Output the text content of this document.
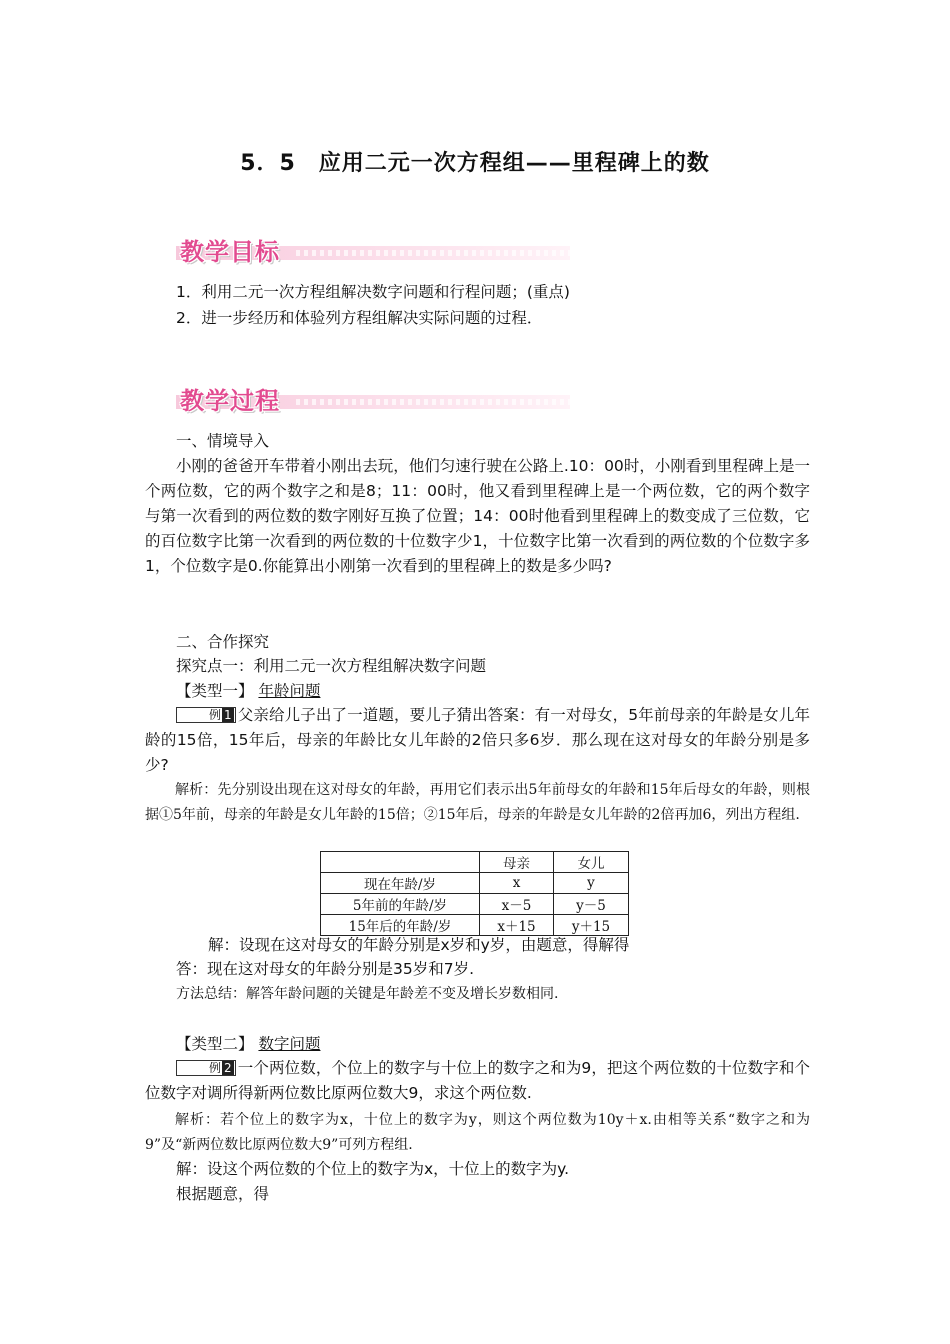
5．5　应用二元一次方程组——里程碑上的数
教学目标
1．利用二元一次方程组解决数字问题和行程问题；(重点)
2．进一步经历和体验列方程组解决实际问题的过程．
教学过程
一、情境导入
小刚的爸爸开车带着小刚出去玩，他们匀速行驶在公路上.10：00时，小刚看到里程碑上是一个两位数，它的两个数字之和是8；11：00时，他又看到里程碑上是一个两位数，它的两个数字与第一次看到的两位数的数字刚好互换了位置；14：00时他看到里程碑上的数变成了三位数，它的百位数字比第一次看到的两位数的十位数字少1，十位数字比第一次看到的两位数的个位数字多1，个位数字是0.你能算出小刚第一次看到的里程碑上的数是多少吗?
二、合作探究
探究点一：利用二元一次方程组解决数字问题
【类型一】 年龄问题
例 1 父亲给儿子出了一道题，要儿子猜出答案：有一对母女，5年前母亲的年龄是女儿年龄的15倍，15年后，母亲的年龄比女儿年龄的2倍只多6岁．那么现在这对母女的年龄分别是多少?
解析：先分别设出现在这对母女的年龄，再用它们表示出5年前母女的年龄和15年后母女的年龄，则根据①5年前，母亲的年龄是女儿年龄的15倍；②15年后，母亲的年龄是女儿年龄的2倍再加6，列出方程组.
	母亲	女儿
现在年龄/岁	x	y
5年前的年龄/岁	x－5	y－5
15年后的年龄/岁	x＋15	y＋15
解：设现在这对母女的年龄分别是x岁和y岁，由题意，得解得
答：现在这对母女的年龄分别是35岁和7岁.
方法总结：解答年龄问题的关键是年龄差不变及增长岁数相同.
【类型二】 数字问题
例 2 一个两位数，个位上的数字与十位上的数字之和为9，把这个两位数的十位数字和个位数字对调所得新两位数比原两位数大9，求这个两位数.
解析：若个位上的数字为x，十位上的数字为y，则这个两位数为10y＋x.由相等关系“数字之和为9”及“新两位数比原两位数大9”可列方程组.
解：设这个两位数的个位上的数字为x，十位上的数字为y.
根据题意，得
